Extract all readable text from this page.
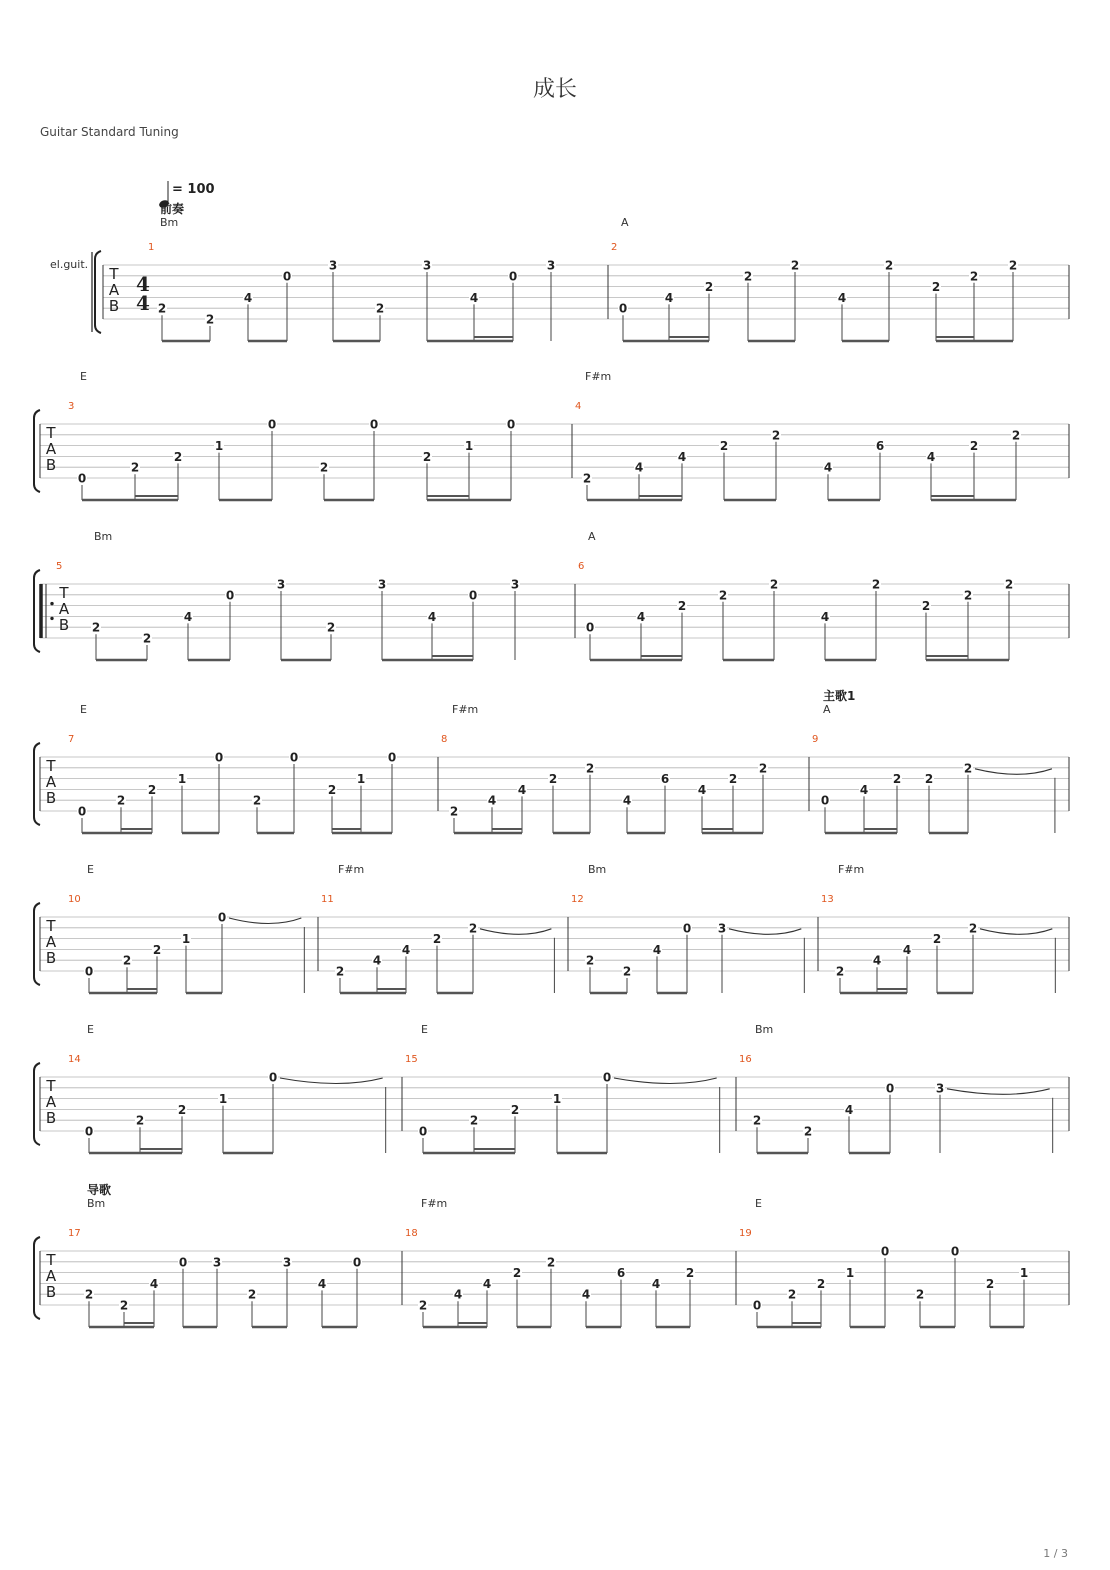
成长
Guitar Standard Tuning
el.guit.
= 100
T
A
B
4
4
1
前奏
Bm
2
2
4
0
3
2
3
4
0
3
2
A
0
4
2
2
2
4
2
2
2
2
T
A
B
3
E
0
2
2
1
0
2
0
2
1
0
4
F#m
2
4
4
2
2
4
6
4
2
2
T
A
B
5
Bm
2
2
4
0
3
2
3
4
0
3
6
A
0
4
2
2
2
4
2
2
2
2
T
A
B
7
E
0
2
2
1
0
2
0
2
1
0
8
F#m
2
4
4
2
2
4
6
4
2
2
9
主歌1
A
0
4
2 2
2
T
A
B
10
E
0
2
2
1
0
11
F#m
2
4
4
2
2
12
Bm
2
2
4
0 3
13
F#m
2
4
4
2
2
T
A
B
14
E
0
2
2
1
0
15
E
0
2
2
1
0
16
Bm
2
2
4
0	3
T
A
B
17
导歌
Bm
2
2
4
0 3
2
3
4
0
18
F#m
2
4
4
2
2
4
6
4
2
19
E
0
2
2
1
0
2
0
2
1
1 / 3
